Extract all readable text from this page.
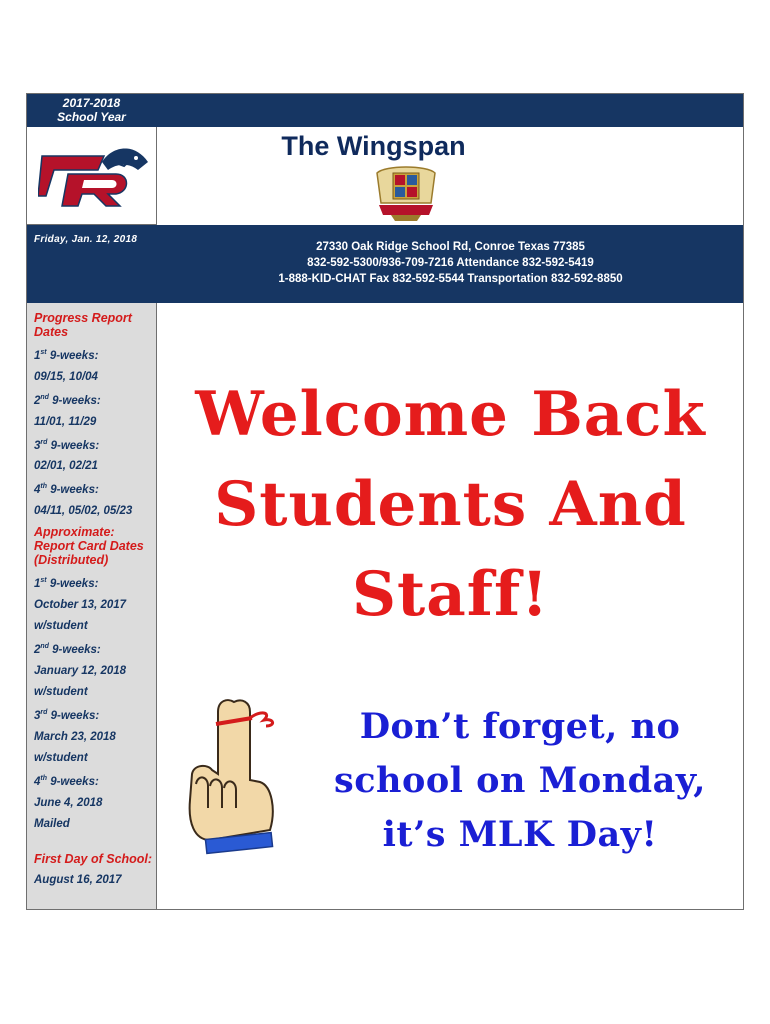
2017-2018
School Year
The Wingspan
Friday, Jan. 12, 2018
27330 Oak Ridge School Rd, Conroe Texas 77385
832-592-5300/936-709-7216 Attendance 832-592-5419
1-888-KID-CHAT Fax 832-592-5544 Transportation 832-592-8850
Progress Report Dates
1st 9-weeks:
09/15, 10/04
2nd 9-weeks:
11/01, 11/29
3rd 9-weeks:
02/01, 02/21
4th 9-weeks:
04/11, 05/02, 05/23
Approximate: Report Card Dates (Distributed)
1st 9-weeks:
October 13, 2017
w/student
2nd 9-weeks:
January 12, 2018
w/student
3rd 9-weeks:
March 23, 2018
w/student
4th 9-weeks:
June 4, 2018
Mailed
First Day of School:
August 16, 2017
Welcome Back
Students And
Staff!
Don’t forget, no
school on Monday,
it’s MLK Day!
